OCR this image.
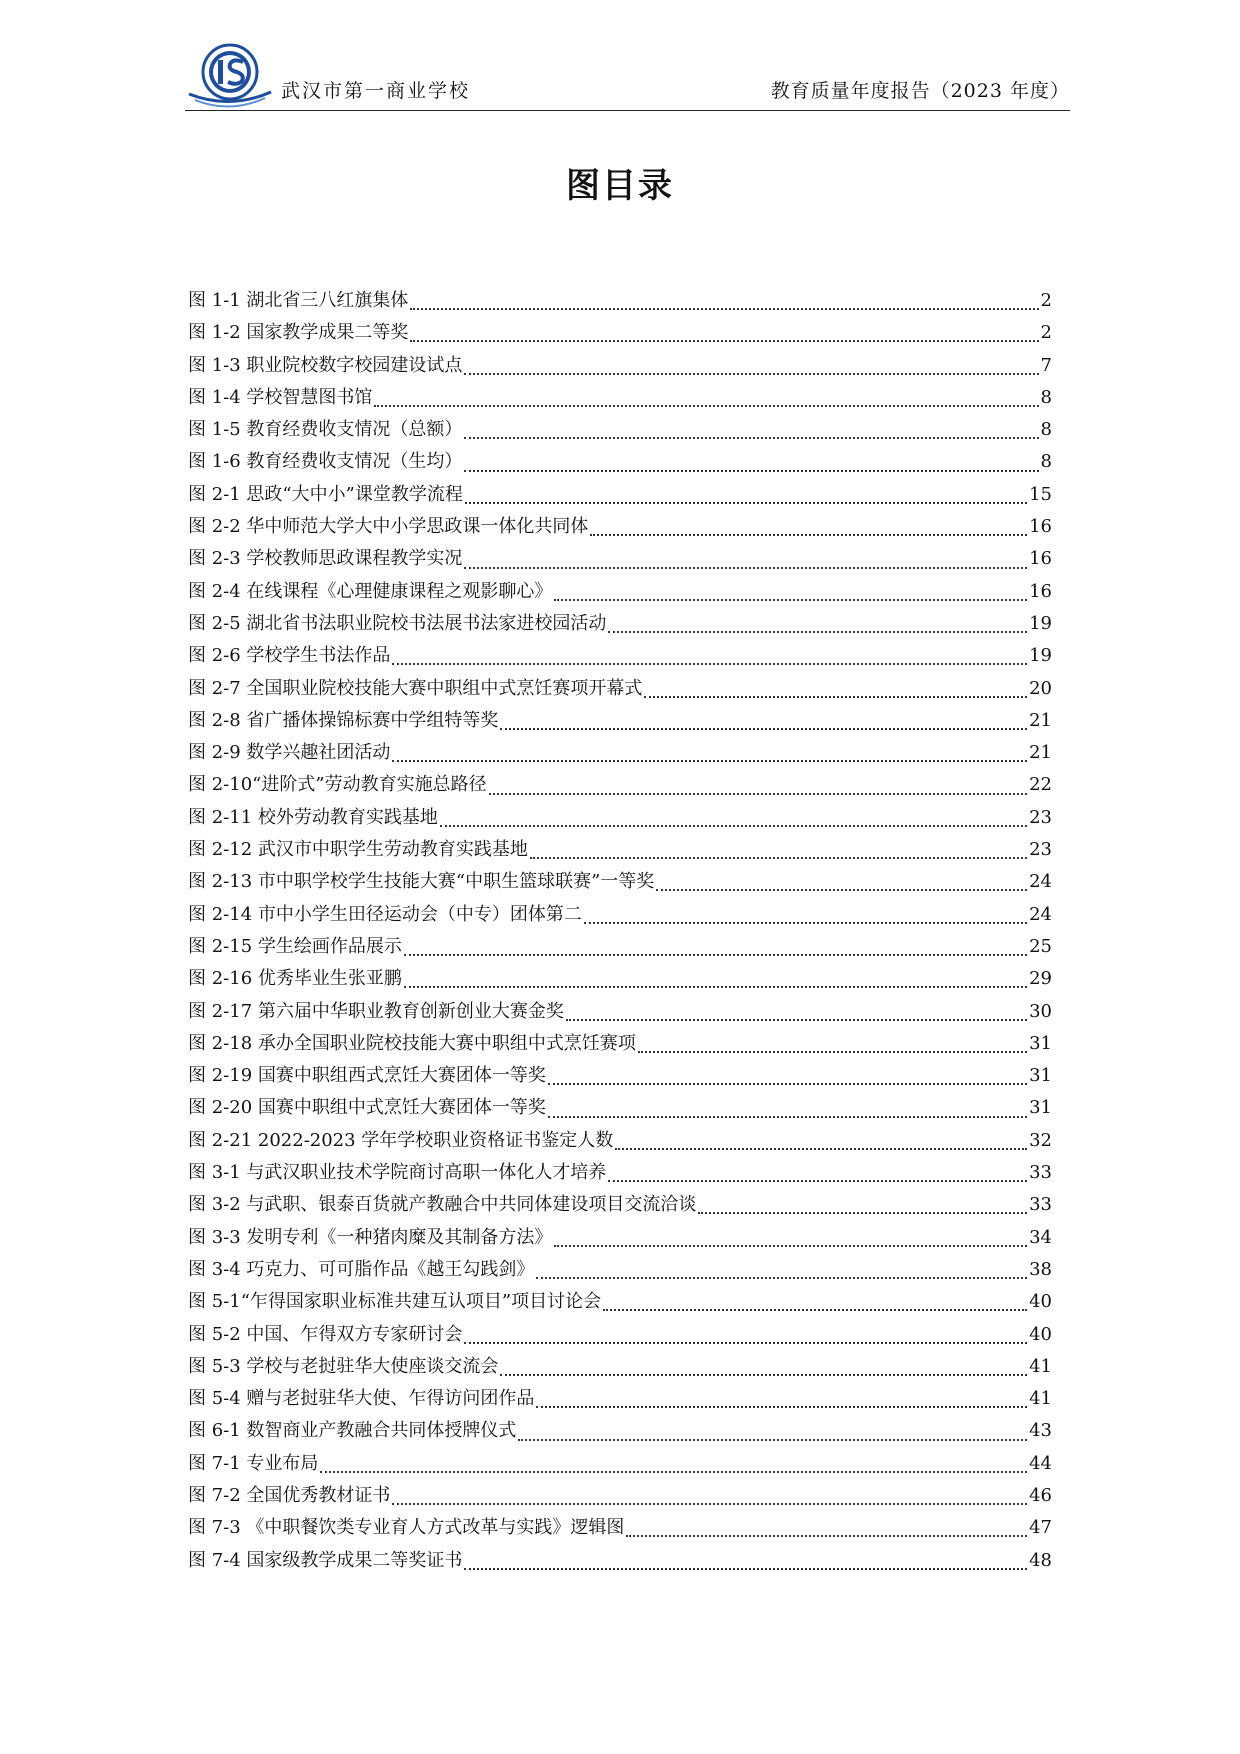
武汉市第一商业学校	教育质量年度报告（2023 年度）
图目录
图 1-1 湖北省三八红旗集体	2
图 1-2 国家教学成果二等奖	2
图 1-3 职业院校数字校园建设试点	7
图 1-4 学校智慧图书馆	8
图 1-5 教育经费收支情况（总额）	8
图 1-6 教育经费收支情况（生均）	8
图 2-1 思政“大中小”课堂教学流程	15
图 2-2 华中师范大学大中小学思政课一体化共同体	16
图 2-3 学校教师思政课程教学实况	16
图 2-4 在线课程《心理健康课程之观影聊心》	16
图 2-5 湖北省书法职业院校书法展书法家进校园活动	19
图 2-6 学校学生书法作品	19
图 2-7 全国职业院校技能大赛中职组中式烹饪赛项开幕式	20
图 2-8 省广播体操锦标赛中学组特等奖	21
图 2-9 数学兴趣社团活动	21
图 2-10“进阶式”劳动教育实施总路径	22
图 2-11 校外劳动教育实践基地	23
图 2-12 武汉市中职学生劳动教育实践基地	23
图 2-13 市中职学校学生技能大赛“中职生篮球联赛”一等奖	24
图 2-14 市中小学生田径运动会（中专）团体第二	24
图 2-15 学生绘画作品展示	25
图 2-16 优秀毕业生张亚鹏	29
图 2-17 第六届中华职业教育创新创业大赛金奖	30
图 2-18 承办全国职业院校技能大赛中职组中式烹饪赛项	31
图 2-19 国赛中职组西式烹饪大赛团体一等奖	31
图 2-20 国赛中职组中式烹饪大赛团体一等奖	31
图 2-21 2022-2023 学年学校职业资格证书鉴定人数	32
图 3-1 与武汉职业技术学院商讨高职一体化人才培养	33
图 3-2 与武职、银泰百货就产教融合中共同体建设项目交流洽谈	33
图 3-3 发明专利《一种猪肉糜及其制备方法》	34
图 3-4 巧克力、可可脂作品《越王勾践剑》	38
图 5-1“乍得国家职业标准共建互认项目”项目讨论会	40
图 5-2 中国、乍得双方专家研讨会	40
图 5-3 学校与老挝驻华大使座谈交流会	41
图 5-4 赠与老挝驻华大使、乍得访问团作品	41
图 6-1 数智商业产教融合共同体授牌仪式	43
图 7-1 专业布局	44
图 7-2 全国优秀教材证书	46
图 7-3 《中职餐饮类专业育人方式改革与实践》逻辑图	47
图 7-4 国家级教学成果二等奖证书	48
